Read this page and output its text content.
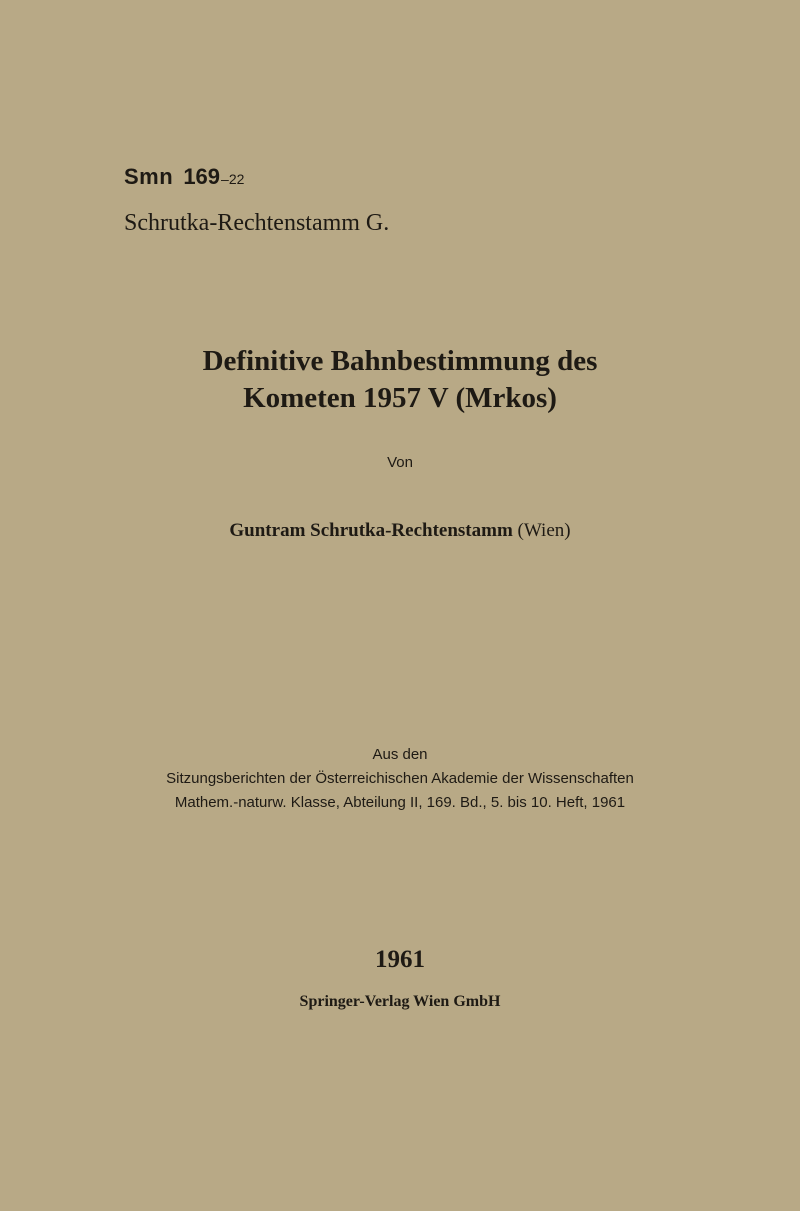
Smn 169–22
Schrutka-Rechtenstamm G.
Definitive Bahnbestimmung des
Kometen 1957 V (Mrkos)
Von
Guntram Schrutka-Rechtenstamm (Wien)
Aus den
Sitzungsberichten der Österreichischen Akademie der Wissenschaften
Mathem.-naturw. Klasse, Abteilung II, 169. Bd., 5. bis 10. Heft, 1961
1961
Springer-Verlag Wien GmbH
